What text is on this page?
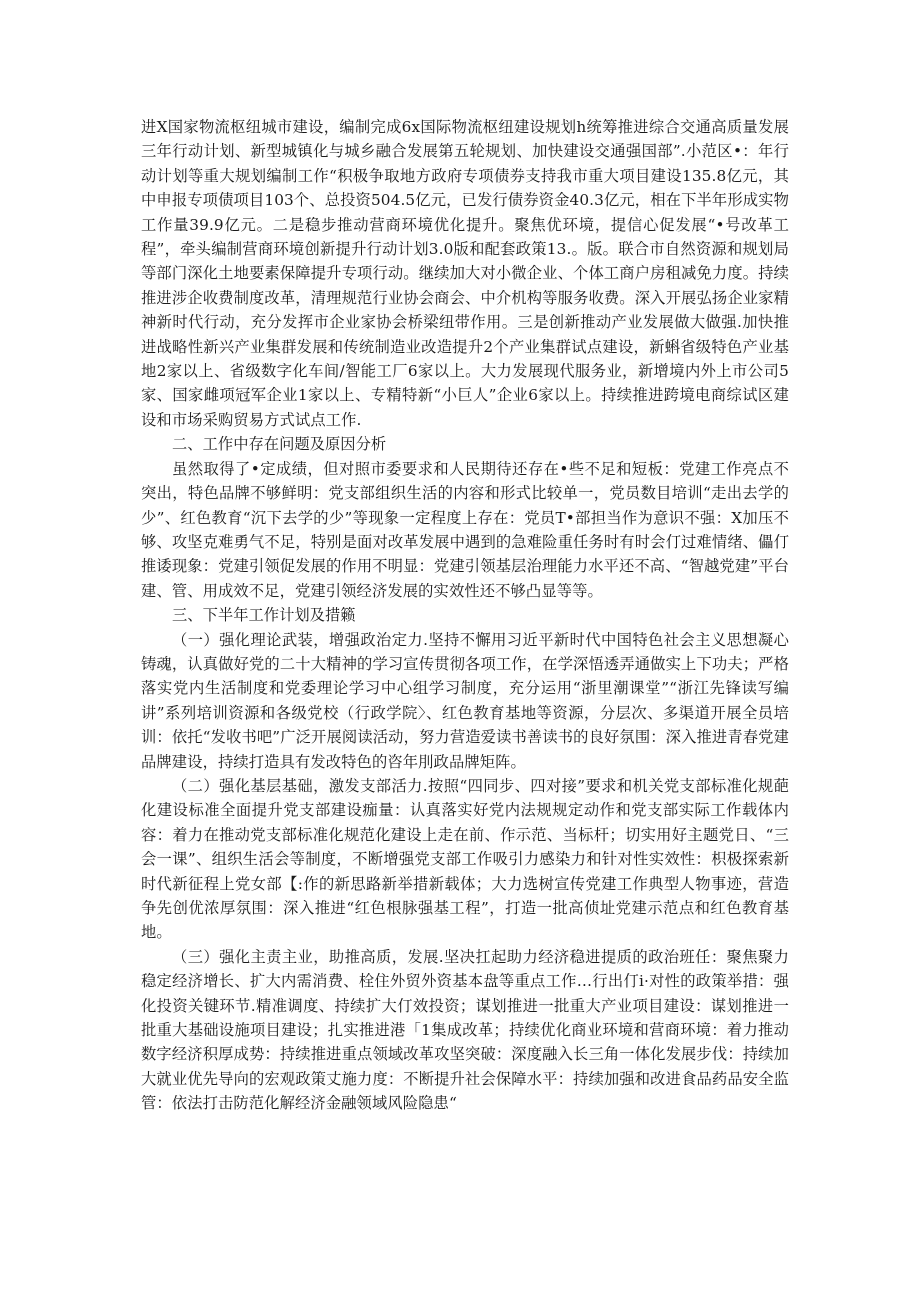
进X国家物流枢纽城市建设，编制完成6x国际物流枢纽建设规划h统筹推进综合交通高质量发展三年行动计划、新型城镇化与城乡融合发展第五轮规划、加快建设交通强国部”.小范区•：年行动计划等重大规划编制工作“积极争取地方政府专项债券支持我市重大项目建设135.8亿元，其中申报专项债项目103个、总投资504.5亿元，已发行债券资金40.3亿元，相在下半年形成实物工作量39.9亿元。二是稳步推动营商环境优化提升。聚焦优环境，提信心促发展“•号改革工程”，牵头编制营商环境创新提升行动计划3.0版和配套政策13.。版。联合市自然资源和规划局等部门深化土地要素保障提升专项行动。继续加大对小微企业、个体工商户房租减免力度。持续推进涉企收费制度改革，清理规范行业协会商会、中介机构等服务收费。深入开展弘扬企业家精神新时代行动，充分发挥市企业家协会桥梁纽带作用。三是创新推动产业发展做大做强.加快推进战略性新兴产业集群发展和传统制造业改造提升2个产业集群试点建设，新蝌省级特色产业基地2家以上、省级数字化车间/智能工厂6家以上。大力发展现代服务业，新增境内外上市公司5家、国家雌项冠军企业1家以上、专精特新“小巨人”企业6家以上。持续推进跨境电商综试区建设和市场采购贸易方式试点工作.

二、工作中存在问题及原因分析

虽然取得了•定成绩，但对照市委要求和人民期待还存在•些不足和短板：党建工作亮点不突出，特色品牌不够鲜明：党支部组织生活的内容和形式比较单一，党员数目培训“走出去学的少”、红色教育“沉下去学的少”等现象一定程度上存在：党员T•部担当作为意识不强：X加压不够、攻坚克难勇气不足，特别是面对改革发展中遇到的急难险重任务时有时会仃过难情绪、儡仃推诿现象：党建引领促发展的作用不明显：党建引领基层治理能力水平还不高、“智越党建”平台建、管、用成效不足，党建引领经济发展的实效性还不够凸显等等。

三、下半年工作计划及措籁

（一）强化理论武装，增强政治定力.坚持不懈用习近平新时代中国特色社会主义思想凝心铸魂，认真做好党的二十大精神的学习宣传贯彻各项工作，在学深悟透弄通做实上下功夫；严格落实党内生活制度和党委理论学习中心组学习制度，充分运用“浙里潮课堂”“浙江先锋读写编讲”系列培训资源和各级党校（行政学院〉、红色教育基地等资源，分层次、多渠道开展全员培训：依托“发收书吧”广泛开展阅读活动，努力营造爱读书善读书的良好氛围：深入推进青春党建品牌建设，持续打造具有发改特色的咨年刖政品牌矩阵。

（二）强化基层基础，激发支部活力.按照“四同步、四对接”要求和机关党支部标准化规葩化建设标准全面提升党支部建设痂量：认真落实好党内法规规定动作和党支部实际工作载体内容：着力在推动党支部标准化规范化建设上走在前、作示范、当标杆；切实用好主题党日、“三会一课”、组织生活会等制度，不断增强党支部工作吸引力感染力和针对性实效性：枳极探索新时代新征程上党女部【:作的新思路新举措新载体；大力选树宣传党建工作典型人物事迹，营造争先创优浓厚氛围：深入推进“红色根脉强基工程”，打造一批高侦址党建示范点和红色教育基地。

（三）强化主责主业，助推高质，发展.坚决扛起助力经济稳进提质的政治班任：聚焦聚力稳定经济增长、扩大内需消费、栓住外贸外资基本盘等重点工作…行出仃i·对性的政策举措：强化投资关键环节.精准调度、持续扩大仃效投资；谋划推进一批重大产业项目建设：谋划推进一批重大基础设施项目建设；扎实推进港「1集成改革；持续优化商业环境和营商环境：着力推动数字经济积厚成势：持续推进重点领域改革攻坚突破：深度融入长三角一体化发展步伐：持续加大就业优先导向的宏观政策丈施力度：不断提升社会保障水平：持续加强和改进食品药品安全监管：依法打击防范化解经济金融领域风险隐患“
